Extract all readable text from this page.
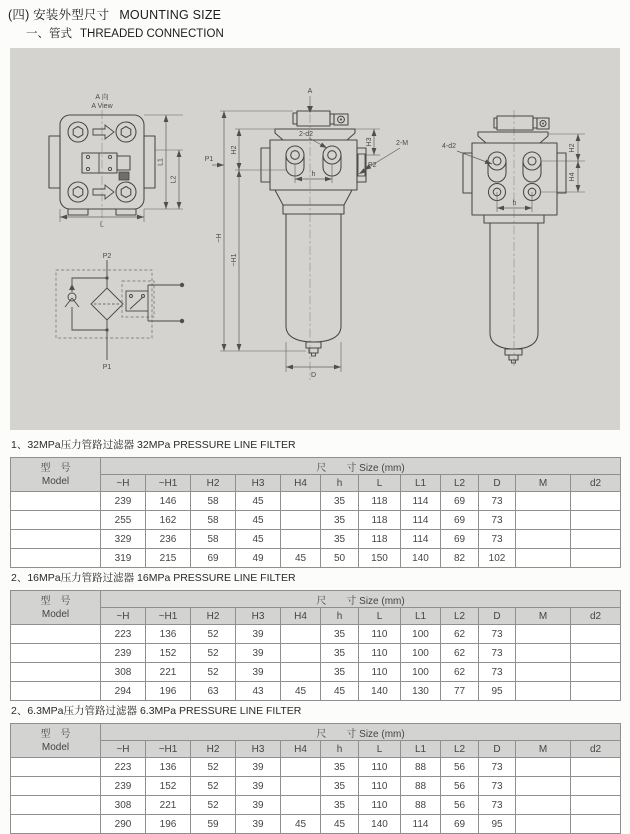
(四) 安装外型尺寸 MOUNTING SIZE
一、管式 THREADED CONNECTION
A 向
A View
L1
L2
L
P2
P1
A
~H
H2
~H1
P1
H3	2-M
P2
2-d2
h
D
4-d2
h
H2
H4
1、32MPa压力管路过滤器 32MPa PRESSURE LINE FILTER
型　号
Model	尺　　寸 Size (mm)											
	~H	~H1	H2	H3	H4	h	L	L1	L2	D	M	d2
	239	146	58	45		35	118	114	69	73		
	255	162	58	45		35	118	114	69	73		
	329	236	58	45		35	118	114	69	73		
	319	215	69	49	45	50	150	140	82	102		
2、16MPa压力管路过滤器 16MPa PRESSURE LINE FILTER
型　号
Model	尺　　寸 Size (mm)											
	~H	~H1	H2	H3	H4	h	L	L1	L2	D	M	d2
	223	136	52	39		35	110	100	62	73		
	239	152	52	39		35	110	100	62	73		
	308	221	52	39		35	110	100	62	73		
	294	196	63	43	45	45	140	130	77	95		
2、6.3MPa压力管路过滤器 6.3MPa PRESSURE LINE FILTER
型　号
Model	尺　　寸 Size (mm)											
	~H	~H1	H2	H3	H4	h	L	L1	L2	D	M	d2
	223	136	52	39		35	110	88	56	73		
	239	152	52	39		35	110	88	56	73		
	308	221	52	39		35	110	88	56	73		
	290	196	59	39	45	45	140	114	69	95		
